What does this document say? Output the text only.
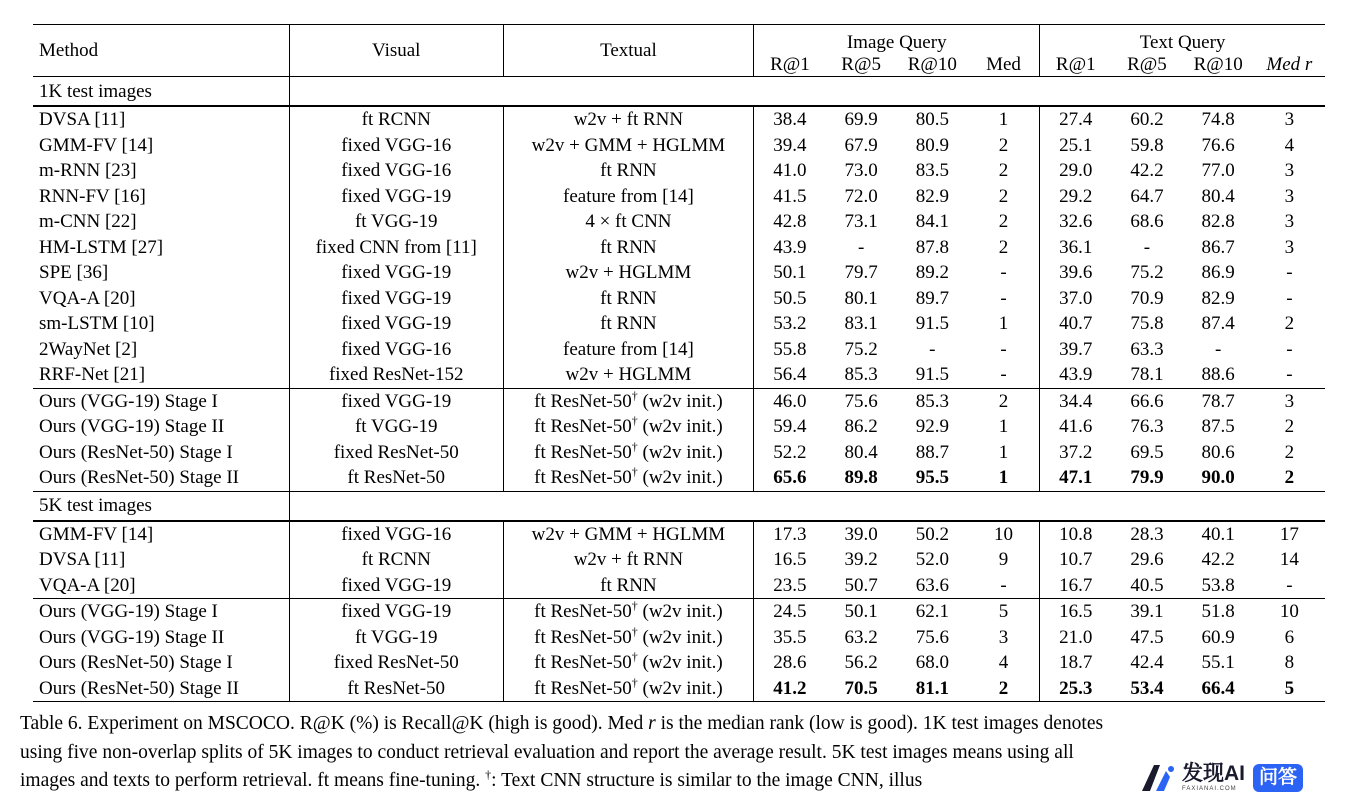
Method	Visual	Textual	Image Query				Text Query			
			R@1	R@5	R@10	Med	R@1	R@5	R@10	Med r
1K test images										
DVSA [11]	ft RCNN	w2v + ft RNN	38.4	69.9	80.5	1	27.4	60.2	74.8	3
GMM-FV [14]	fixed VGG-16	w2v + GMM + HGLMM	39.4	67.9	80.9	2	25.1	59.8	76.6	4
m-RNN [23]	fixed VGG-16	ft RNN	41.0	73.0	83.5	2	29.0	42.2	77.0	3
RNN-FV [16]	fixed VGG-19	feature from [14]	41.5	72.0	82.9	2	29.2	64.7	80.4	3
m-CNN [22]	ft VGG-19	4 × ft CNN	42.8	73.1	84.1	2	32.6	68.6	82.8	3
HM-LSTM [27]	fixed CNN from [11]	ft RNN	43.9	-	87.8	2	36.1	-	86.7	3
SPE [36]	fixed VGG-19	w2v + HGLMM	50.1	79.7	89.2	-	39.6	75.2	86.9	-
VQA-A [20]	fixed VGG-19	ft RNN	50.5	80.1	89.7	-	37.0	70.9	82.9	-
sm-LSTM [10]	fixed VGG-19	ft RNN	53.2	83.1	91.5	1	40.7	75.8	87.4	2
2WayNet [2]	fixed VGG-16	feature from [14]	55.8	75.2	-	-	39.7	63.3	-	-
RRF-Net [21]	fixed ResNet-152	w2v + HGLMM	56.4	85.3	91.5	-	43.9	78.1	88.6	-
Ours (VGG-19) Stage I	fixed VGG-19	ft ResNet-50† (w2v init.)	46.0	75.6	85.3	2	34.4	66.6	78.7	3
Ours (VGG-19) Stage II	ft VGG-19	ft ResNet-50† (w2v init.)	59.4	86.2	92.9	1	41.6	76.3	87.5	2
Ours (ResNet-50) Stage I	fixed ResNet-50	ft ResNet-50† (w2v init.)	52.2	80.4	88.7	1	37.2	69.5	80.6	2
Ours (ResNet-50) Stage II	ft ResNet-50	ft ResNet-50† (w2v init.)	65.6	89.8	95.5	1	47.1	79.9	90.0	2
5K test images										
GMM-FV [14]	fixed VGG-16	w2v + GMM + HGLMM	17.3	39.0	50.2	10	10.8	28.3	40.1	17
DVSA [11]	ft RCNN	w2v + ft RNN	16.5	39.2	52.0	9	10.7	29.6	42.2	14
VQA-A [20]	fixed VGG-19	ft RNN	23.5	50.7	63.6	-	16.7	40.5	53.8	-
Ours (VGG-19) Stage I	fixed VGG-19	ft ResNet-50† (w2v init.)	24.5	50.1	62.1	5	16.5	39.1	51.8	10
Ours (VGG-19) Stage II	ft VGG-19	ft ResNet-50† (w2v init.)	35.5	63.2	75.6	3	21.0	47.5	60.9	6
Ours (ResNet-50) Stage I	fixed ResNet-50	ft ResNet-50† (w2v init.)	28.6	56.2	68.0	4	18.7	42.4	55.1	8
Ours (ResNet-50) Stage II	ft ResNet-50	ft ResNet-50† (w2v init.)	41.2	70.5	81.1	2	25.3	53.4	66.4	5
Table 6. Experiment on MSCOCO. R@K (%) is Recall@K (high is good). Med r is the median rank (low is good). 1K test images denotes
using five non-overlap splits of 5K images to conduct retrieval evaluation and report the average result. 5K test images means using all
images and texts to perform retrieval. ft means fine-tuning. †: Text CNN structure is similar to the image CNN, illus	发现AI
FAXIANAI.COM
问答
